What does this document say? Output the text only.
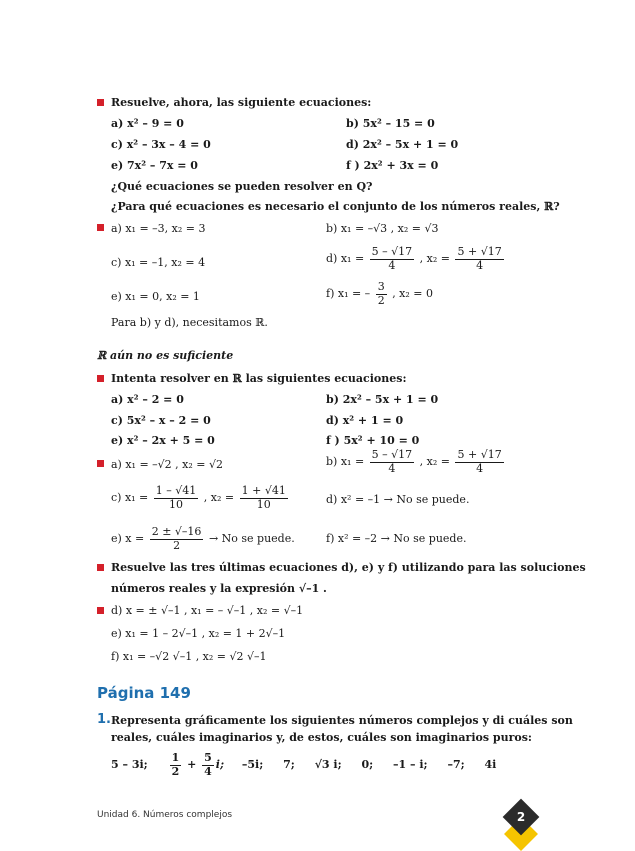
Resuelve, ahora, las siguiente ecuaciones:
a) x² – 9 = 0	b) 5x² – 15 = 0
c) x² – 3x – 4 = 0	d) 2x² – 5x + 1 = 0
e) 7x² – 7x = 0	f ) 2x² + 3x = 0
¿Qué ecuaciones se pueden resolver en Q?
¿Para qué ecuaciones es necesario el conjunto de los números reales, ℝ?
a) x₁ = –3, x₂ = 3	b) x₁ = –√3 , x₂ = √3
c) x₁ = –1, x₂ = 4	d) $x_1 = \frac{5 - √17}{4}$ , $x_2 = \frac{5 + √17}{4}$
e) x₁ = 0, x₂ = 1	f) x₁ = – $\frac{3}{2}$ , x₂ = 0
Para b) y d), necesitamos ℝ.
ℝ aún no es suficiente
Intenta resolver en ℝ las siguientes ecuaciones:
a) x² – 2 = 0	b) 2x² – 5x + 1 = 0
c) 5x² – x – 2 = 0	d) x² + 1 = 0
e) x² – 2x + 5 = 0	f ) 5x² + 10 = 0
a) x₁ = –√2 , x₂ = √2	b) $x_1 = \frac{5 - √17}{4}$ , $x_2 = \frac{5 + √17}{4}$
c) $x_1 = \frac{1 - √41}{10}$ , $x_2 = \frac{1 + √41}{10}$	d) x² = –1 → No se puede.
e) $x = \frac{2 \pm √-16}{2} \to No$ se puede.	f) x² = –2 → No se puede.
Resuelve las tres últimas ecuaciones d), e) y f) utilizando para las soluciones
números reales y la expresión √–1 .
d) x = ± √–1 , x₁ = – √–1 , x₂ = √–1
e) x₁ = 1 – 2√–1 , x₂ = 1 + 2√–1
f) x₁ = –√2 √–1 , x₂ = √2 √–1
Página 149
1. Representa gráficamente los siguientes números complejos y di cuáles son
reales, cuáles imaginarios y, de estos, cuáles son imaginarios puros:
5 – 3i; $\frac{1}{2} + \frac{5}{4} i$; –5i; 7; √3 i; 0; –1 – i; –7; 4i
Unidad 6. Números complejos	2
